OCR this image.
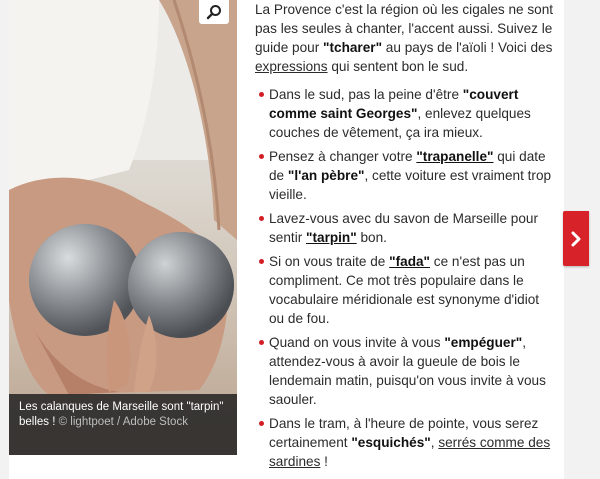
Les calanques de Marseille sont "tarpin" belles ! © lightpoet / Adobe Stock

La Provence c'est la région où les cigales ne sont pas les seules à chanter, l'accent aussi. Suivez le guide pour "tcharer" au pays de l'aïoli ! Voici des expressions qui sentent bon le sud.

Dans le sud, pas la peine d'être "couvert comme saint Georges", enlevez quelques couches de vêtement, ça ira mieux.
Pensez à changer votre "trapanelle" qui date de "l'an pèbre", cette voiture est vraiment trop vieille.
Lavez-vous avec du savon de Marseille pour sentir "tarpin" bon.
Si on vous traite de "fada" ce n'est pas un compliment. Ce mot très populaire dans le vocabulaire méridionale est synonyme d'idiot ou de fou.
Quand on vous invite à vous "empéguer", attendez-vous à avoir la gueule de bois le lendemain matin, puisqu'on vous invite à vous saouler.
Dans le tram, à l'heure de pointe, vous serez certainement "esquichés", serrés comme des sardines !
